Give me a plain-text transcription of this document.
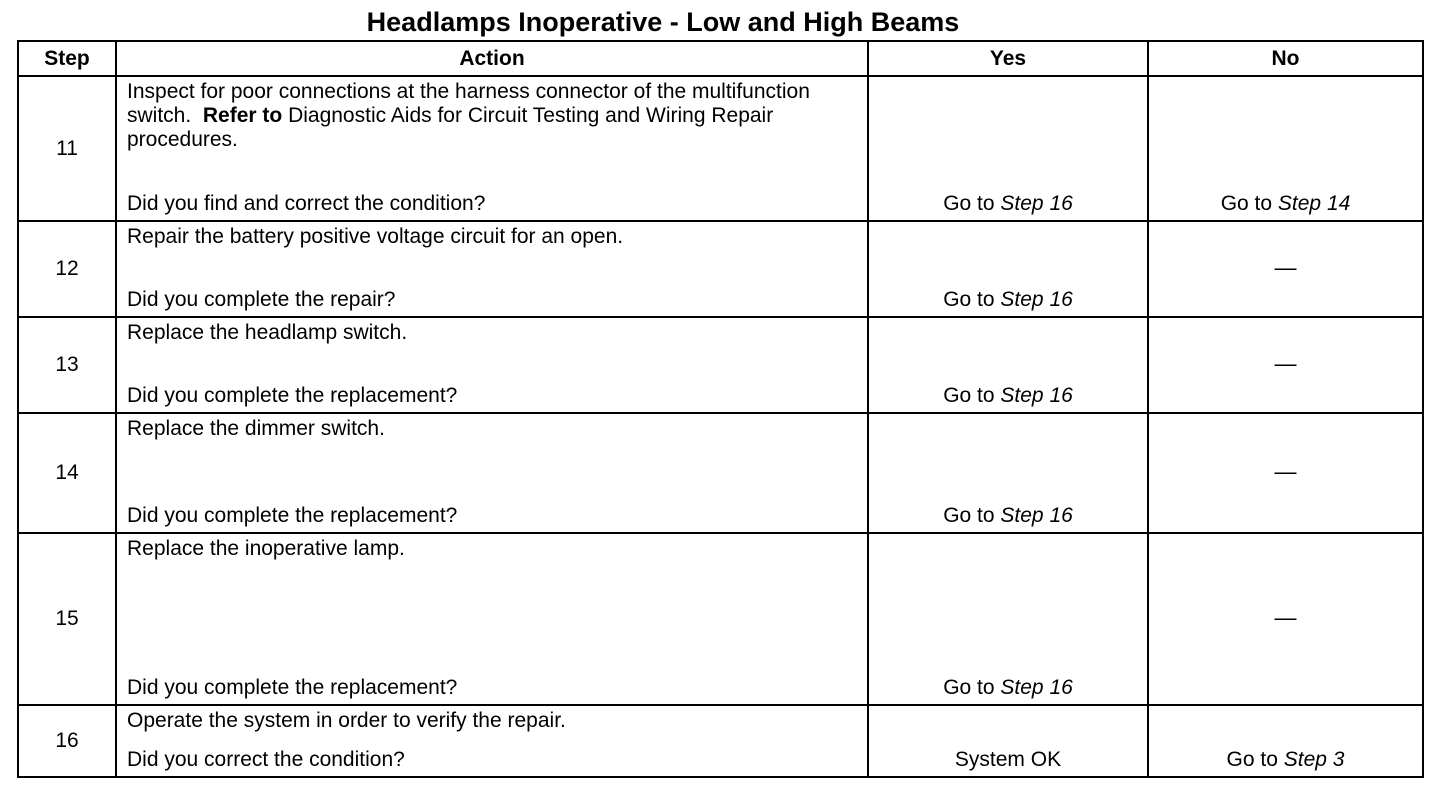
Headlamps Inoperative - Low and High Beams
Step	Action	Yes	No
11	Inspect for poor connections at the harness connector of the multifunction switch. Refer to Diagnostic Aids for Circuit Testing and Wiring Repair procedures.
Did you find and correct the condition?	Go to Step 16	Go to Step 14
12	Repair the battery positive voltage circuit for an open.
Did you complete the repair?	Go to Step 16	—
13	Replace the headlamp switch.
Did you complete the replacement?	Go to Step 16	—
14	Replace the dimmer switch.
Did you complete the replacement?	Go to Step 16	—
15	Replace the inoperative lamp.
Did you complete the replacement?	Go to Step 16	—
16	Operate the system in order to verify the repair.
Did you correct the condition?	System OK	Go to Step 3
